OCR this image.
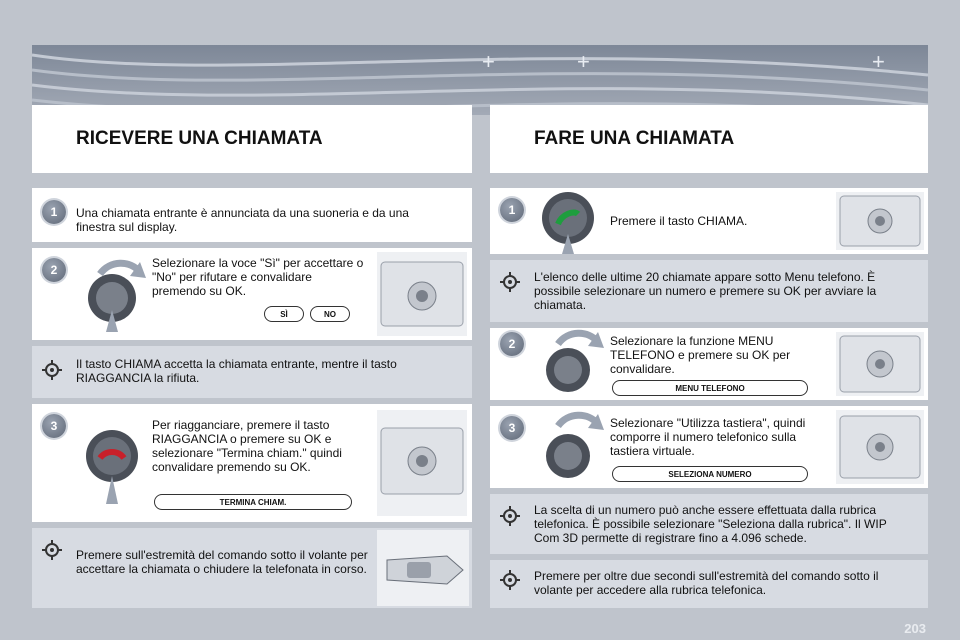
+	+	+
RICEVERE UNA CHIAMATA	FARE UNA CHIAMATA
1	Una chiamata entrante è annunciata da una suoneria e da una finestra sul display.
2	Selezionare la voce "Sì" per accettare o "No" per rifutare e convalidare premendo su OK.
SÌ	NO
Il tasto CHIAMA accetta la chiamata entrante, mentre il tasto RIAGGANCIA la rifiuta.
3	Per riagganciare, premere il tasto RIAGGANCIA o premere su OK e selezionare "Termina chiam." quindi convalidare premendo su OK.
TERMINA CHIAM.
Premere sull'estremità del comando sotto il volante per accettare la chiamata o chiudere la telefonata in corso.
1
Premere il tasto CHIAMA.
L'elenco delle ultime 20 chiamate appare sotto Menu telefono. È possibile selezionare un numero e premere su OK per avviare la chiamata.
2	Selezionare la funzione MENU TELEFONO e premere su OK per convalidare.
MENU TELEFONO
3	Selezionare "Utilizza tastiera", quindi comporre il numero telefonico sulla tastiera virtuale.
SELEZIONA NUMERO
La scelta di un numero può anche essere effettuata dalla rubrica telefonica. È possibile selezionare "Seleziona dalla rubrica". Il WIP Com 3D permette di registrare fino a 4.096 schede.
Premere per oltre due secondi sull'estremità del comando sotto il volante per accedere alla rubrica telefonica.
203
